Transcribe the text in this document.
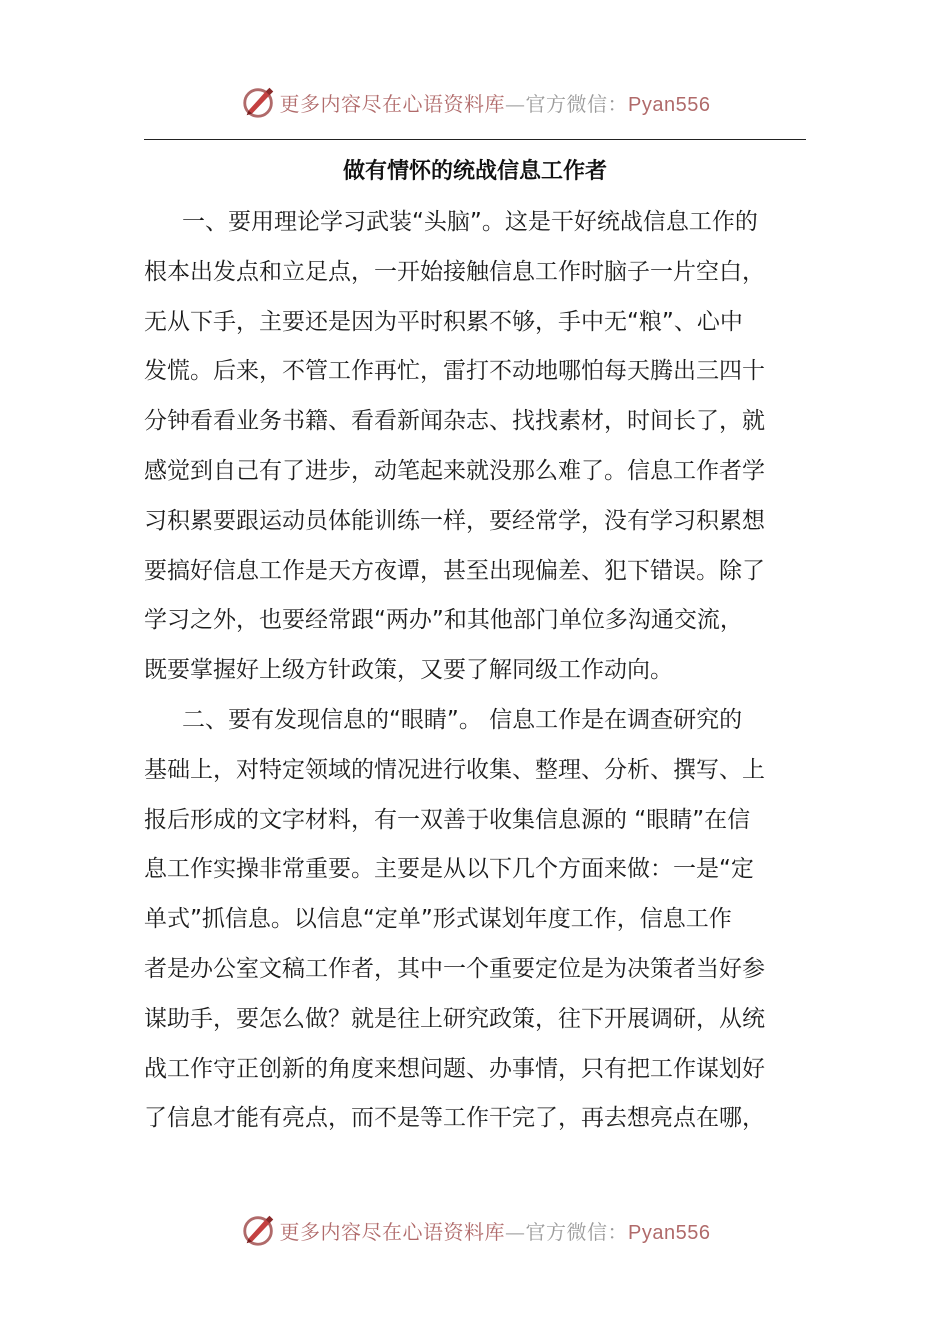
更多内容尽在心语资料库—官方微信：Pyan556
做有情怀的统战信息工作者
一、要用理论学习武装“头脑”。这是干好统战信息工作的
根本出发点和立足点，一开始接触信息工作时脑子一片空白，
无从下手，主要还是因为平时积累不够，手中无“粮”、心中
发慌。后来，不管工作再忙，雷打不动地哪怕每天腾出三四十
分钟看看业务书籍、看看新闻杂志、找找素材，时间长了，就
感觉到自己有了进步，动笔起来就没那么难了。信息工作者学
习积累要跟运动员体能训练一样，要经常学，没有学习积累想
要搞好信息工作是天方夜谭，甚至出现偏差、犯下错误。除了
学习之外，也要经常跟“两办”和其他部门单位多沟通交流，
既要掌握好上级方针政策，又要了解同级工作动向。
二、要有发现信息的“眼睛”。 信息工作是在调查研究的
基础上，对特定领域的情况进行收集、整理、分析、撰写、上
报后形成的文字材料，有一双善于收集信息源的 “眼睛”在信
息工作实操非常重要。主要是从以下几个方面来做：一是“定
单式”抓信息。以信息“定单”形式谋划年度工作，信息工作
者是办公室文稿工作者，其中一个重要定位是为决策者当好参
谋助手，要怎么做？就是往上研究政策，往下开展调研，从统
战工作守正创新的角度来想问题、办事情，只有把工作谋划好
了信息才能有亮点，而不是等工作干完了，再去想亮点在哪，
更多内容尽在心语资料库—官方微信：Pyan556
